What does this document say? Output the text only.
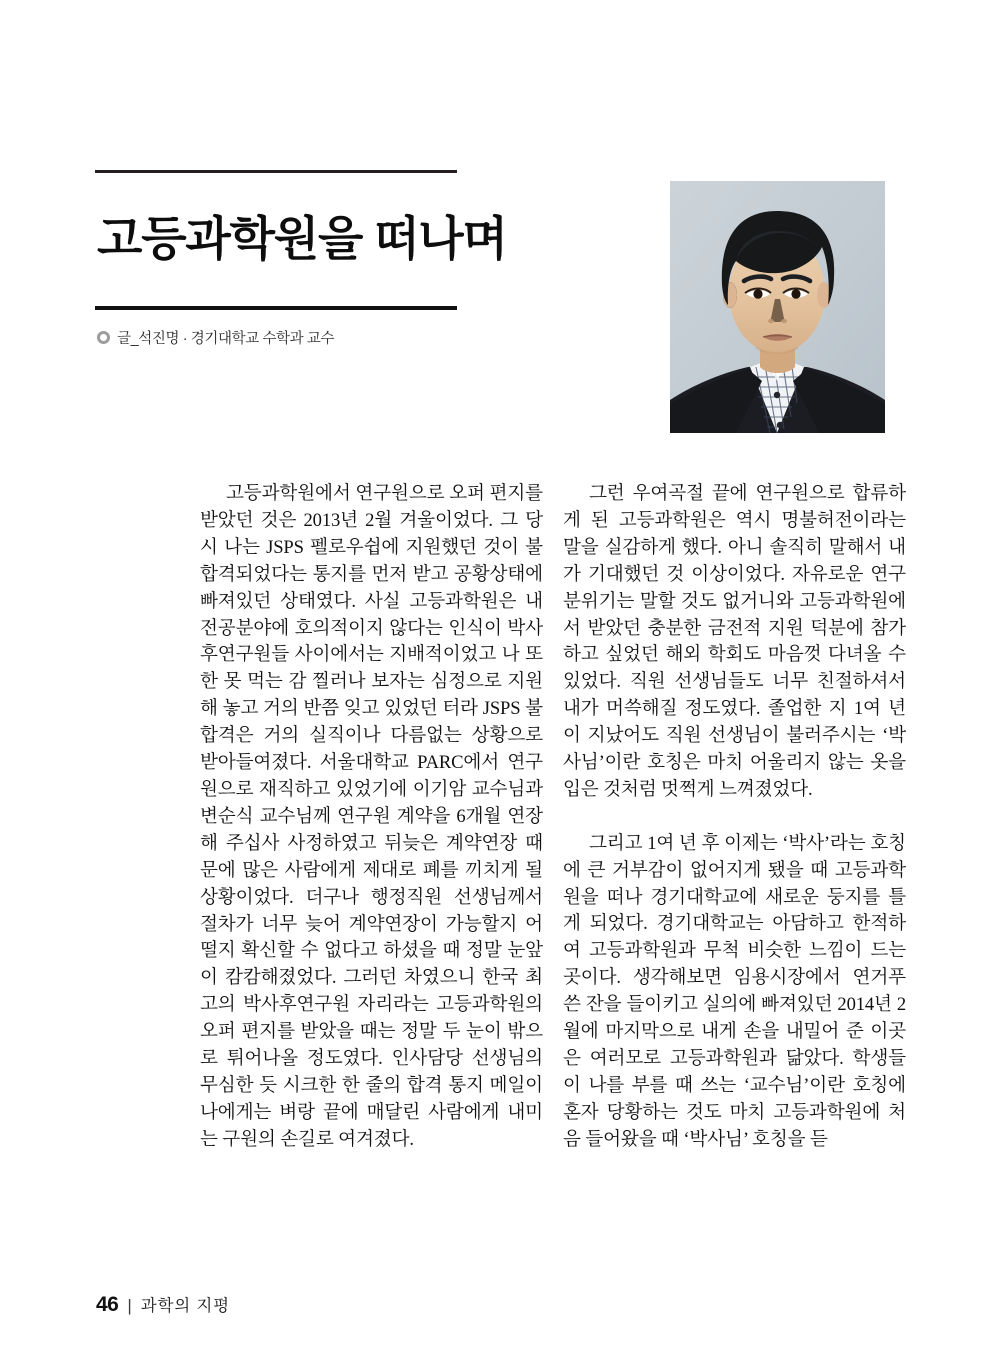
고등과학원을 떠나며
글_석진명 · 경기대학교 수학과 교수

고등과학원에서 연구원으로 오퍼 편지를 받았던 것은 2013년 2월 겨울이었다. 그 당시 나는 JSPS 펠로우쉽에 지원했던 것이 불합격되었다는 통지를 먼저 받고 공황상태에 빠져있던 상태였다. 사실 고등과학원은 내 전공분야에 호의적이지 않다는 인식이 박사후연구원들 사이에서는 지배적이었고 나 또한 못 먹는 감 찔러나 보자는 심정으로 지원해 놓고 거의 반쯤 잊고 있었던 터라 JSPS 불합격은 거의 실직이나 다름없는 상황으로 받아들여졌다. 서울대학교 PARC에서 연구원으로 재직하고 있었기에 이기암 교수님과 변순식 교수님께 연구원 계약을 6개월 연장해 주십사 사정하였고 뒤늦은 계약연장 때문에 많은 사람에게 제대로 폐를 끼치게 될 상황이었다. 더구나 행정직원 선생님께서 절차가 너무 늦어 계약연장이 가능할지 어떨지 확신할 수 없다고 하셨을 때 정말 눈앞이 캄캄해졌었다. 그러던 차였으니 한국 최고의 박사후연구원 자리라는 고등과학원의 오퍼 편지를 받았을 때는 정말 두 눈이 밖으로 튀어나올 정도였다. 인사담당 선생님의 무심한 듯 시크한 한 줄의 합격 통지 메일이 나에게는 벼랑 끝에 매달린 사람에게 내미는 구원의 손길로 여겨졌다.

그런 우여곡절 끝에 연구원으로 합류하게 된 고등과학원은 역시 명불허전이라는 말을 실감하게 했다. 아니 솔직히 말해서 내가 기대했던 것 이상이었다. 자유로운 연구 분위기는 말할 것도 없거니와 고등과학원에서 받았던 충분한 금전적 지원 덕분에 참가하고 싶었던 해외 학회도 마음껏 다녀올 수 있었다. 직원 선생님들도 너무 친절하셔서 내가 머쓱해질 정도였다. 졸업한 지 1여 년이 지났어도 직원 선생님이 불러주시는 ‘박사님’이란 호칭은 마치 어울리지 않는 옷을 입은 것처럼 멋쩍게 느껴졌었다.

그리고 1여 년 후 이제는 ‘박사’라는 호칭에 큰 거부감이 없어지게 됐을 때 고등과학원을 떠나 경기대학교에 새로운 둥지를 틀게 되었다. 경기대학교는 아담하고 한적하여 고등과학원과 무척 비슷한 느낌이 드는 곳이다. 생각해보면 임용시장에서 연거푸 쓴 잔을 들이키고 실의에 빠져있던 2014년 2월에 마지막으로 내게 손을 내밀어 준 이곳은 여러모로 고등과학원과 닮았다. 학생들이 나를 부를 때 쓰는 ‘교수님’이란 호칭에 혼자 당황하는 것도 마치 고등과학원에 처음 들어왔을 때 ‘박사님’ 호칭을 듣

46 | 과학의 지평
